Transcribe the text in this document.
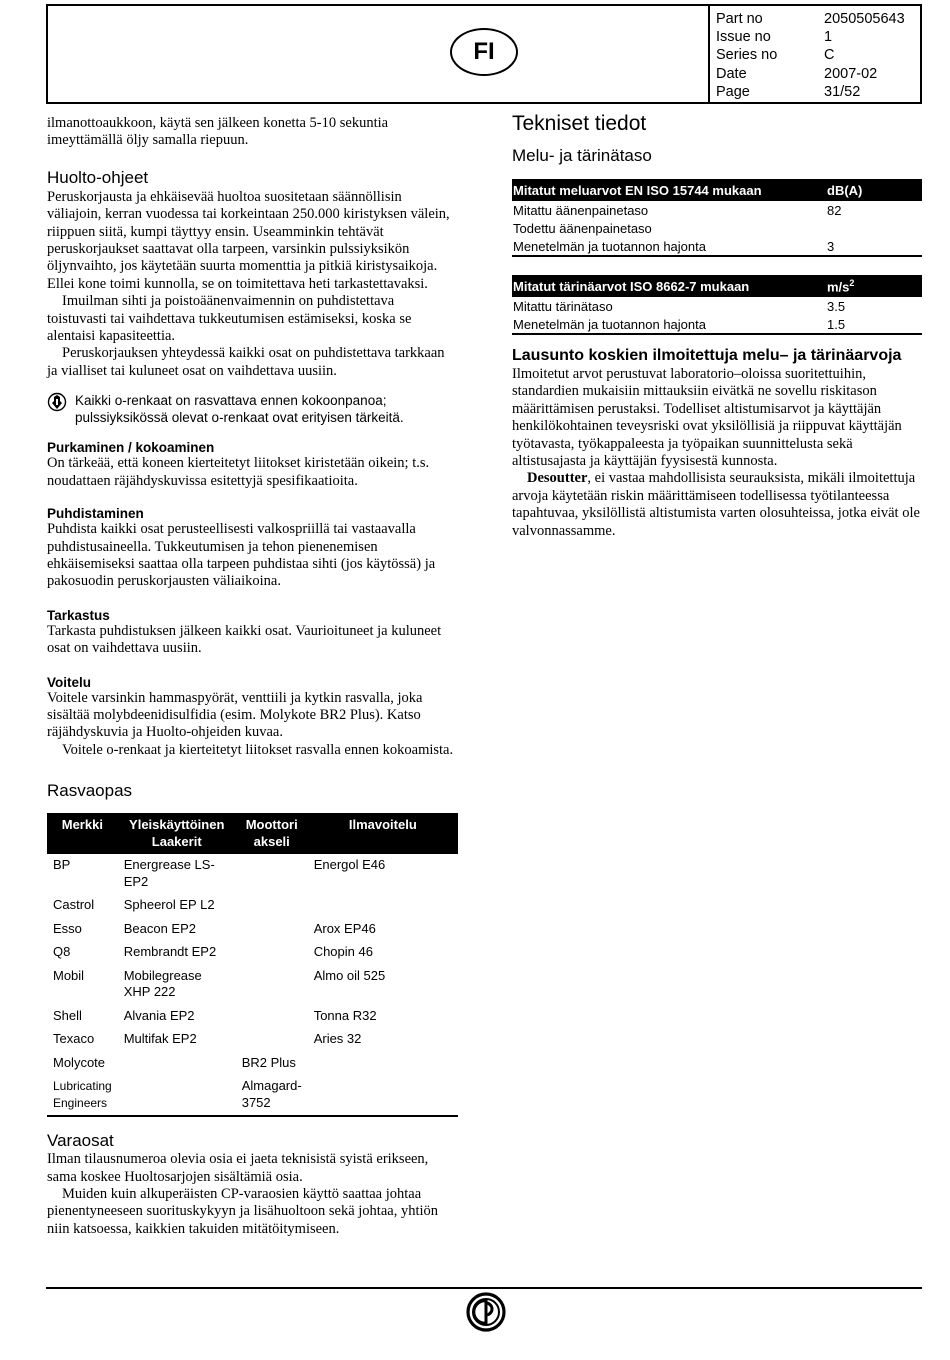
FI
Part no	2050505643
Issue no	1
Series no	C
Date	2007-02
Page	31/52

ilmanottoaukkoon, käytä sen jälkeen konetta 5-10 sekuntia imeyttämällä öljy samalla riepuun.

Huolto-ohjeet

Peruskorjausta ja ehkäisevää huoltoa suositetaan säännöllisin väliajoin, kerran vuodessa tai korkeintaan 250.000 kiristyksen välein, riippuen siitä, kumpi täyttyy ensin. Useamminkin tehtävät peruskorjaukset saattavat olla tarpeen, varsinkin pulssiyksikön öljynvaihto, jos käytetään suurta momenttia ja pitkiä kiristysaikoja. Ellei kone toimi kunnolla, se on toimitettava heti tarkastettavaksi.

Imuilman sihti ja poistoäänenvaimennin on puhdistettava toistuvasti tai vaihdettava tukkeutumisen estämiseksi, koska se alentaisi kapasiteettia.

Peruskorjauksen yhteydessä kaikki osat on puhdistettava tarkkaan ja vialliset tai kuluneet osat on vaihdettava uusiin.

Kaikki o-renkaat on rasvattava ennen kokoonpanoa; pulssiyksikössä olevat o-renkaat ovat erityisen tärkeitä.
Purkaminen / kokoaminen

On tärkeää, että koneen kierteitetyt liitokset kiristetään oikein; t.s. noudattaen räjähdyskuvissa esitettyjä spesifikaatioita.

Puhdistaminen

Puhdista kaikki osat perusteellisesti valkospriillä tai vastaavalla puhdistusaineella. Tukkeutumisen ja tehon pienenemisen ehkäisemiseksi saattaa olla tarpeen puhdistaa sihti (jos käytössä) ja pakosuodin peruskorjausten väliaikoina.

Tarkastus

Tarkasta puhdistuksen jälkeen kaikki osat. Vaurioituneet ja kuluneet osat on vaihdettava uusiin.

Voitelu

Voitele varsinkin hammaspyörät, venttiili ja kytkin rasvalla, joka sisältää molybdeenidisulfidia (esim. Molykote BR2 Plus). Katso räjähdyskuvia ja Huolto-ohjeiden kuvaa.

Voitele o-renkaat ja kierteitetyt liitokset rasvalla ennen kokoamista.

Rasvaopas
Merkki	Yleiskäyttöinen Laakerit	Moottori akseli	Ilmavoitelu
BP	Energrease LS-EP2		Energol E46
Castrol	Spheerol EP L2		
Esso	Beacon EP2		Arox EP46
Q8	Rembrandt EP2		Chopin 46
Mobil	Mobilegrease XHP 222		Almo oil 525
Shell	Alvania EP2		Tonna R32
Texaco	Multifak EP2		Aries 32
Molycote		BR2 Plus	
Lubricating Engineers		Almagard-3752	
Varaosat

Ilman tilausnumeroa olevia osia ei jaeta teknisistä syistä erikseen, sama koskee Huoltosarjojen sisältämiä osia.

Muiden kuin alkuperäisten CP-varaosien käyttö saattaa johtaa pienentyneeseen suorituskykyyn ja lisähuoltoon sekä johtaa, yhtiön niin katsoessa, kaikkien takuiden mitätöitymiseen.

Tekniset tiedot
Melu- ja tärinätaso
Mitatut meluarvot EN ISO 15744 mukaan	dB(A)
Mitattu äänenpainetaso	82
Todettu äänenpainetaso	
Menetelmän ja tuotannon hajonta	3
Mitatut tärinäarvot ISO 8662-7 mukaan	$m/s^2$
Mitattu tärinätaso	3.5
Menetelmän ja tuotannon hajonta	1.5
Lausunto koskien ilmoitettuja melu– ja tärinäarvoja

Ilmoitetut arvot perustuvat laboratorio–oloissa suoritettuihin, standardien mukaisiin mittauksiin eivätkä ne sovellu riskitason määrittämisen perustaksi. Todelliset altistumisarvot ja käyttäjän henkilökohtainen teveysriski ovat yksilöllisiä ja riippuvat käyttäjän työtavasta, työkappaleesta ja työpaikan suunnittelusta sekä altistusajasta ja käyttäjän fyysisestä kunnosta.

Desoutter, ei vastaa mahdollisista seurauksista, mikäli ilmoitettuja arvoja käytetään riskin määrittämiseen todellisessa työtilanteessa tapahtuvaa, yksilöllistä altistumista varten olosuhteissa, jotka eivät ole valvonnassamme.
